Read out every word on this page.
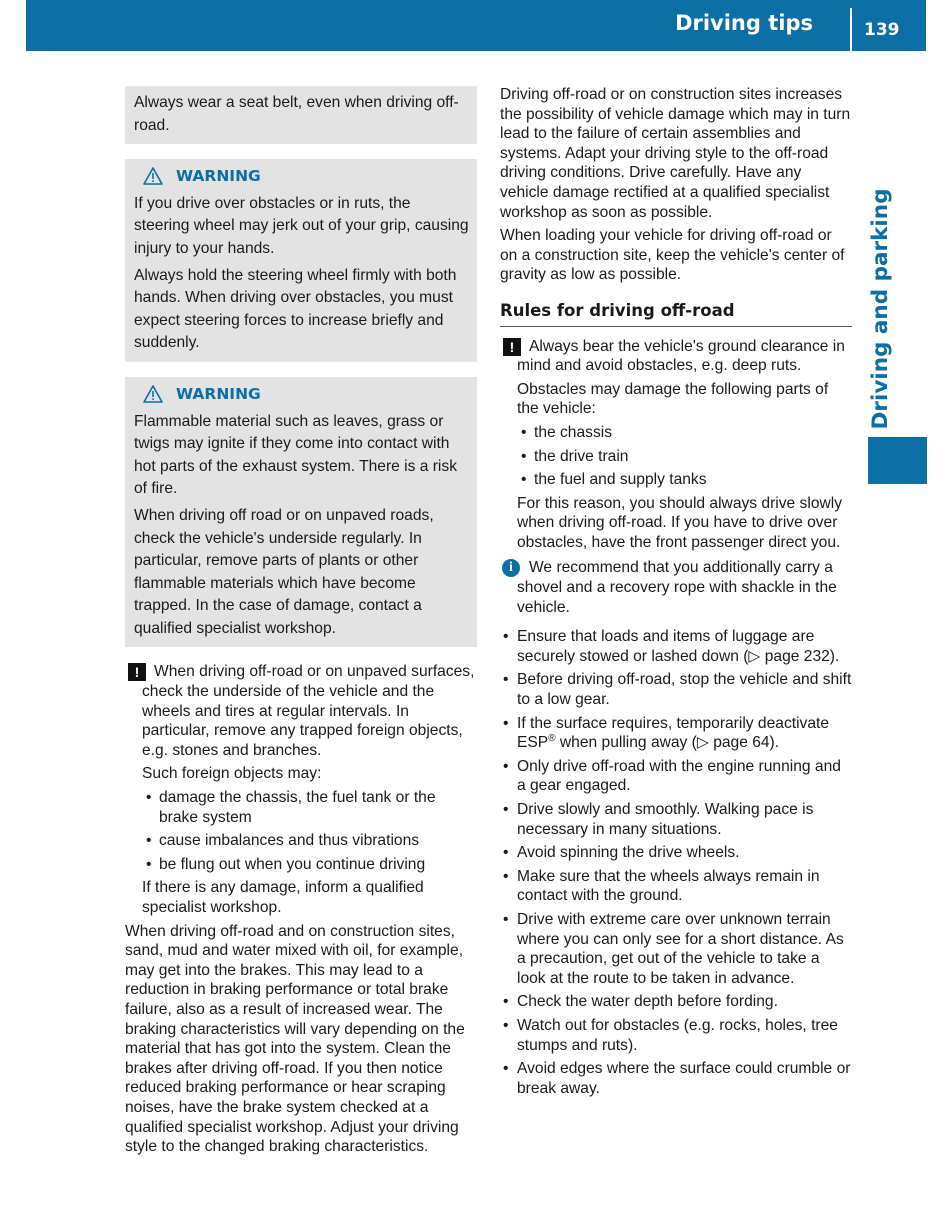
Driving tips	139
Driving and parking

Always wear a seat belt, even when driving off-road.

WARNING

If you drive over obstacles or in ruts, the steering wheel may jerk out of your grip, causing injury to your hands.

Always hold the steering wheel firmly with both hands. When driving over obstacles, you must expect steering forces to increase briefly and suddenly.

WARNING

Flammable material such as leaves, grass or twigs may ignite if they come into contact with hot parts of the exhaust system. There is a risk of fire.

When driving off road or on unpaved roads, check the vehicle's underside regularly. In particular, remove parts of plants or other flammable materials which have become trapped. In the case of damage, contact a qualified specialist workshop.

! When driving off-road or on unpaved surfaces, check the underside of the vehicle and the wheels and tires at regular intervals. In particular, remove any trapped foreign objects, e.g. stones and branches.

Such foreign objects may:

• damage the chassis, the fuel tank or the brake system
• cause imbalances and thus vibrations
• be flung out when you continue driving

If there is any damage, inform a qualified specialist workshop.

When driving off-road and on construction sites, sand, mud and water mixed with oil, for example, may get into the brakes. This may lead to a reduction in braking performance or total brake failure, also as a result of increased wear. The braking characteristics will vary depending on the material that has got into the system. Clean the brakes after driving off-road. If you then notice reduced braking performance or hear scraping noises, have the brake system checked at a qualified specialist workshop. Adjust your driving style to the changed braking characteristics.

Driving off-road or on construction sites increases the possibility of vehicle damage which may in turn lead to the failure of certain assemblies and systems. Adapt your driving style to the off-road driving conditions. Drive carefully. Have any vehicle damage rectified at a qualified specialist workshop as soon as possible.

When loading your vehicle for driving off-road or on a construction site, keep the vehicle's center of gravity as low as possible.

Rules for driving off-road
! Always bear the vehicle's ground clearance in mind and avoid obstacles, e.g. deep ruts.

Obstacles may damage the following parts of the vehicle:

• the chassis
• the drive train
• the fuel and supply tanks

For this reason, you should always drive slowly when driving off-road. If you have to drive over obstacles, have the front passenger direct you.

i	We recommend that you additionally carry a shovel and a recovery rope with shackle in the vehicle.

• Ensure that loads and items of luggage are securely stowed or lashed down (▷ page 232).
• Before driving off-road, stop the vehicle and shift to a low gear.
• If the surface requires, temporarily deactivate ESP® when pulling away (▷ page 64).
• Only drive off-road with the engine running and a gear engaged.
• Drive slowly and smoothly. Walking pace is necessary in many situations.
• Avoid spinning the drive wheels.
• Make sure that the wheels always remain in contact with the ground.
• Drive with extreme care over unknown terrain where you can only see for a short distance. As a precaution, get out of the vehicle to take a look at the route to be taken in advance.
• Check the water depth before fording.
• Watch out for obstacles (e.g. rocks, holes, tree stumps and ruts).
• Avoid edges where the surface could crumble or break away.
